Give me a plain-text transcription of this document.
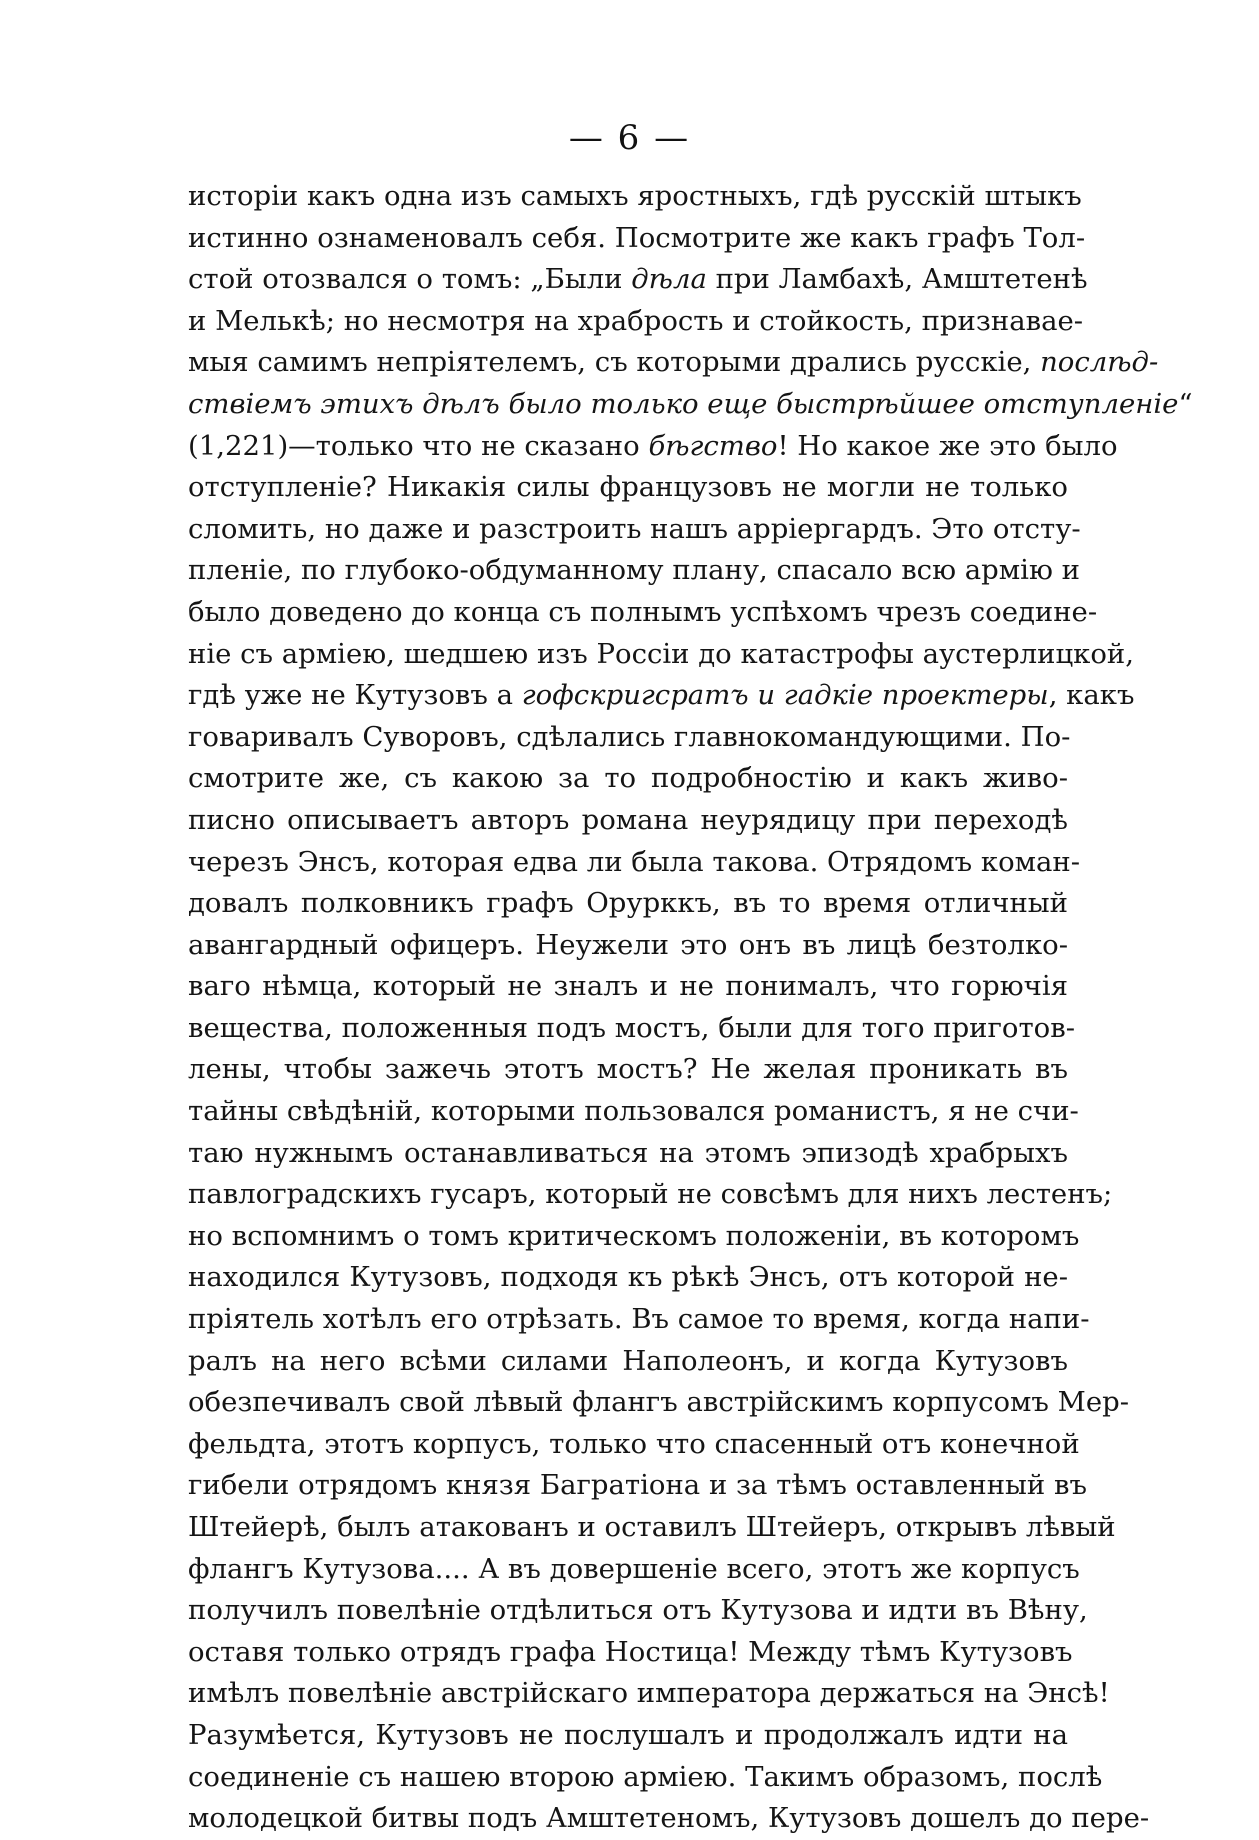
— 6 —
исторіи какъ одна изъ самыхъ яростныхъ, гдѣ русскій штыкъ
истинно ознаменовалъ себя. Посмотрите же какъ графъ Тол-
стой отозвался о томъ: „Были дѣла при Ламбахѣ, Амштетенѣ
и Мелькѣ; но несмотря на храбрость и стойкость, признавае-
мыя самимъ непріятелемъ, съ которыми дрались русскіе, послѣд-
ствіемъ этихъ дѣлъ было только еще быстрѣйшее отступленіе“
(1,221)—только что не сказано бѣгство! Но какое же это было
отступленіе? Никакія силы французовъ не могли не только
сломить, но даже и разстроить нашъ арріергардъ. Это отсту-
пленіе, по глубоко-обдуманному плану, спасало всю армію и
было доведено до конца съ полнымъ успѣхомъ чрезъ соедине-
ніе съ арміею, шедшею изъ Россіи до катастрофы аустерлицкой,
гдѣ уже не Кутузовъ а гофскригсратъ и гадкіе проектеры, какъ
говаривалъ Суворовъ, сдѣлались главнокомандующими. По-
смотрите же, съ какою за то подробностію и какъ живо-
писно описываетъ авторъ романа неурядицу при переходѣ
черезъ Энсъ, которая едва ли была такова. Отрядомъ коман-
довалъ полковникъ графъ Орурккъ, въ то время отличный
авангардный офицеръ. Неужели это онъ въ лицѣ безтолко-
ваго нѣмца, который не зналъ и не понималъ, что горючія
вещества, положенныя подъ мостъ, были для того приготов-
лены, чтобы зажечь этотъ мостъ? Не желая проникать въ
тайны свѣдѣній, которыми пользовался романистъ, я не счи-
таю нужнымъ останавливаться на этомъ эпизодѣ храбрыхъ
павлоградскихъ гусаръ, который не совсѣмъ для нихъ лестенъ;
но вспомнимъ о томъ критическомъ положеніи, въ которомъ
находился Кутузовъ, подходя къ рѣкѣ Энсъ, отъ которой не-
пріятель хотѣлъ его отрѣзать. Въ самое то время, когда напи-
ралъ на него всѣми силами Наполеонъ, и когда Кутузовъ
обезпечивалъ свой лѣвый флангъ австрійскимъ корпусомъ Мер-
фельдта, этотъ корпусъ, только что спасенный отъ конечной
гибели отрядомъ князя Багратіона и за тѣмъ оставленный въ
Штейерѣ, былъ атакованъ и оставилъ Штейеръ, открывъ лѣвый
флангъ Кутузова.... А въ довершеніе всего, этотъ же корпусъ
получилъ повелѣніе отдѣлиться отъ Кутузова и идти въ Вѣну,
оставя только отрядъ графа Ностица! Между тѣмъ Кутузовъ
имѣлъ повелѣніе австрійскаго императора держаться на Энсѣ!
Разумѣется, Кутузовъ не послушалъ и продолжалъ идти на
соединеніе съ нашею второю арміею. Такимъ образомъ, послѣ
молодецкой битвы подъ Амштетеномъ, Кутузовъ дошелъ до пере-
